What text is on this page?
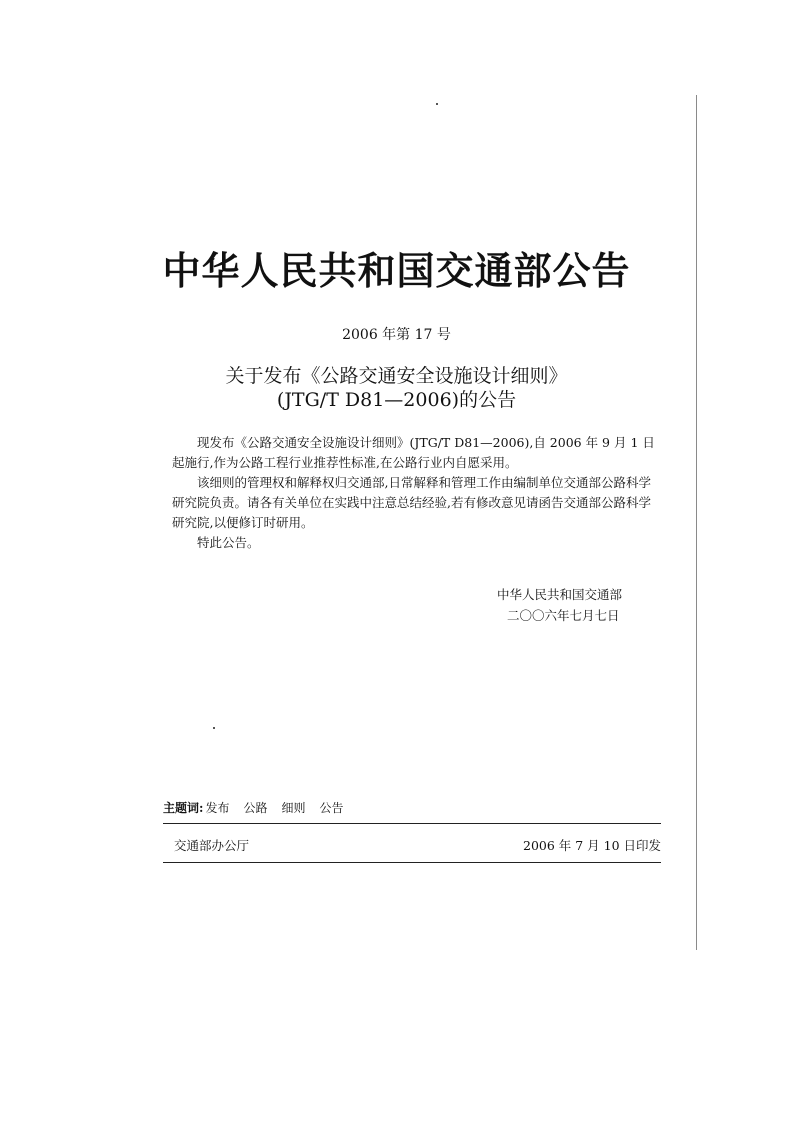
中华人民共和国交通部公告
2006 年第 17 号
关于发布《公路交通安全设施设计细则》
(JTG/T D81—2006)的公告

现发布《公路交通安全设施设计细则》(JTG/T D81—2006),自 2006 年 9 月 1 日起施行,作为公路工程行业推荐性标准,在公路行业内自愿采用。

该细则的管理权和解释权归交通部,日常解释和管理工作由编制单位交通部公路科学研究院负责。请各有关单位在实践中注意总结经验,若有修改意见请函告交通部公路科学研究院,以便修订时研用。

特此公告。

中华人民共和国交通部
二〇〇六年七月七日
主题词: 发布 公路 细则 公告
交通部办公厅	2006 年 7 月 10 日印发
